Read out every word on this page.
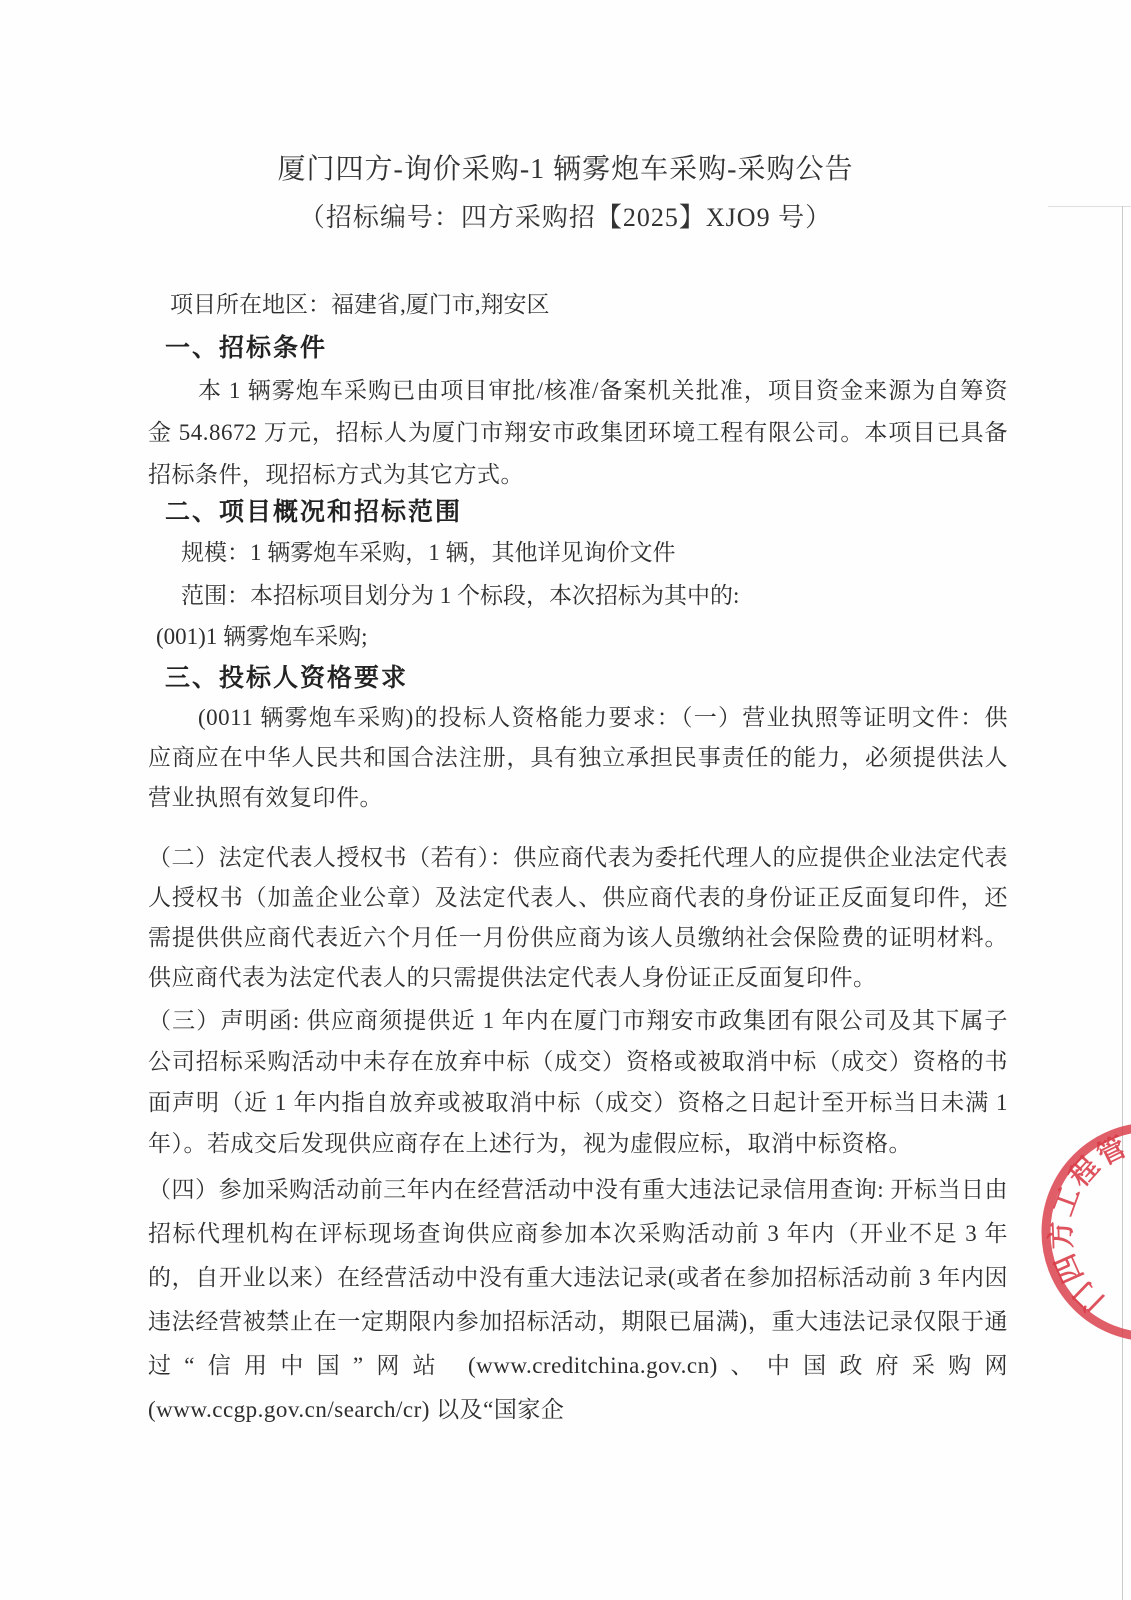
厦门四方-询价采购-1 辆雾炮车采购-采购公告
（招标编号：四方采购招【2025】XJO9 号）
项目所在地区：福建省,厦门市,翔安区
一、招标条件
本 1 辆雾炮车采购已由项目审批/核准/备案机关批准，项目资金来源为自筹资金 54.8672 万元，招标人为厦门市翔安市政集团环境工程有限公司。本项目已具备招标条件，现招标方式为其它方式。
二、项目概况和招标范围
规模：1 辆雾炮车采购，1 辆，其他详见询价文件
范围：本招标项目划分为 1 个标段，本次招标为其中的:
(001)1 辆雾炮车采购;
三、投标人资格要求
(0011 辆雾炮车采购)的投标人资格能力要求：（一）营业执照等证明文件：供应商应在中华人民共和国合法注册，具有独立承担民事责任的能力，必须提供法人营业执照有效复印件。
（二）法定代表人授权书（若有）：供应商代表为委托代理人的应提供企业法定代表人授权书（加盖企业公章）及法定代表人、供应商代表的身份证正反面复印件，还需提供供应商代表近六个月任一月份供应商为该人员缴纳社会保险费的证明材料。供应商代表为法定代表人的只需提供法定代表人身份证正反面复印件。
（三）声明函: 供应商须提供近 1 年内在厦门市翔安市政集团有限公司及其下属子公司招标采购活动中未存在放弃中标（成交）资格或被取消中标（成交）资格的书面声明（近 1 年内指自放弃或被取消中标（成交）资格之日起计至开标当日未满 1 年）。若成交后发现供应商存在上述行为，视为虚假应标，取消中标资格。
（四）参加采购活动前三年内在经营活动中没有重大违法记录信用查询: 开标当日由招标代理机构在评标现场查询供应商参加本次采购活动前 3 年内（开业不足 3 年的，自开业以来）在经营活动中没有重大违法记录(或者在参加招标活动前 3 年内因违法经营被禁止在一定期限内参加招标活动，期限已届满)，重大违法记录仅限于通过“信用中国”网站 (www.creditchina.gov.cn)、中国政府采购网(www.ccgp.gov.cn/search/cr) 以及“国家企
门
四
方
工
程
管
